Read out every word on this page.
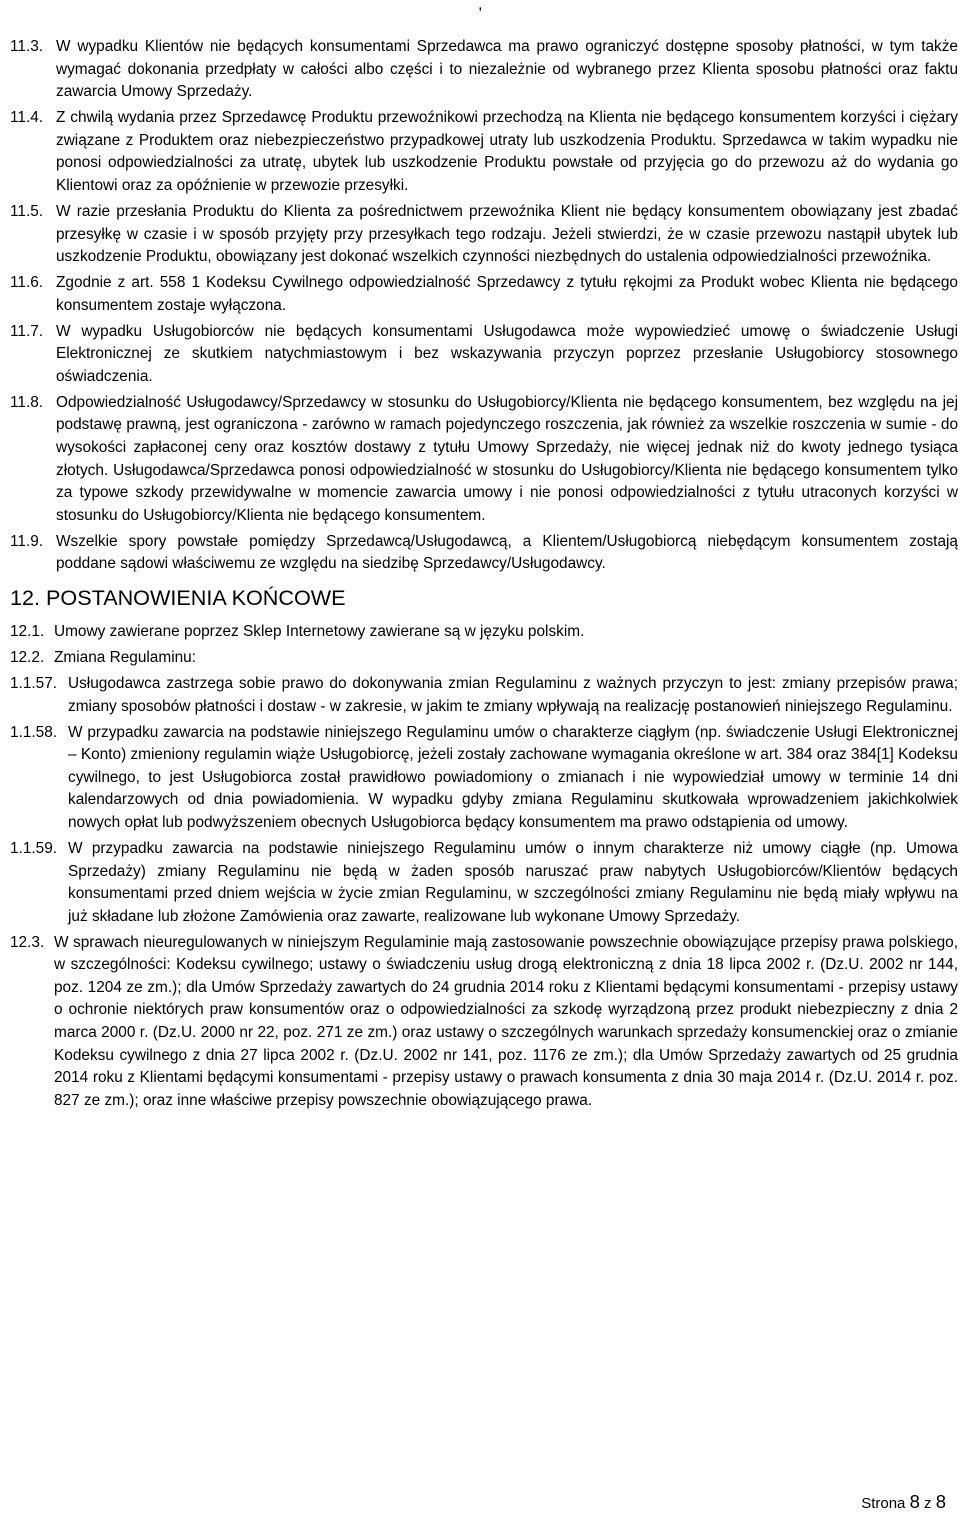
,
11.3. W wypadku Klientów nie będących konsumentami Sprzedawca ma prawo ograniczyć dostępne sposoby płatności, w tym także wymagać dokonania przedpłaty w całości albo części i to niezależnie od wybranego przez Klienta sposobu płatności oraz faktu zawarcia Umowy Sprzedaży.
11.4. Z chwilą wydania przez Sprzedawcę Produktu przewoźnikowi przechodzą na Klienta nie będącego konsumentem korzyści i ciężary związane z Produktem oraz niebezpieczeństwo przypadkowej utraty lub uszkodzenia Produktu. Sprzedawca w takim wypadku nie ponosi odpowiedzialności za utratę, ubytek lub uszkodzenie Produktu powstałe od przyjęcia go do przewozu aż do wydania go Klientowi oraz za opóźnienie w przewozie przesyłki.
11.5. W razie przesłania Produktu do Klienta za pośrednictwem przewoźnika Klient nie będący konsumentem obowiązany jest zbadać przesyłkę w czasie i w sposób przyjęty przy przesyłkach tego rodzaju. Jeżeli stwierdzi, że w czasie przewozu nastąpił ubytek lub uszkodzenie Produktu, obowiązany jest dokonać wszelkich czynności niezbędnych do ustalenia odpowiedzialności przewoźnika.
11.6. Zgodnie z art. 558 1 Kodeksu Cywilnego odpowiedzialność Sprzedawcy z tytułu rękojmi za Produkt wobec Klienta nie będącego konsumentem zostaje wyłączona.
11.7. W wypadku Usługobiorców nie będących konsumentami Usługodawca może wypowiedzieć umowę o świadczenie Usługi Elektronicznej ze skutkiem natychmiastowym i bez wskazywania przyczyn poprzez przesłanie Usługobiorcy stosownego oświadczenia.
11.8. Odpowiedzialność Usługodawcy/Sprzedawcy w stosunku do Usługobiorcy/Klienta nie będącego konsumentem, bez względu na jej podstawę prawną, jest ograniczona - zarówno w ramach pojedynczego roszczenia, jak również za wszelkie roszczenia w sumie - do wysokości zapłaconej ceny oraz kosztów dostawy z tytułu Umowy Sprzedaży, nie więcej jednak niż do kwoty jednego tysiąca złotych. Usługodawca/Sprzedawca ponosi odpowiedzialność w stosunku do Usługobiorcy/Klienta nie będącego konsumentem tylko za typowe szkody przewidywalne w momencie zawarcia umowy i nie ponosi odpowiedzialności z tytułu utraconych korzyści w stosunku do Usługobiorcy/Klienta nie będącego konsumentem.
11.9. Wszelkie spory powstałe pomiędzy Sprzedawcą/Usługodawcą, a Klientem/Usługobiorcą niebędącym konsumentem zostają poddane sądowi właściwemu ze względu na siedzibę Sprzedawcy/Usługodawcy.
12. POSTANOWIENIA KOŃCOWE
12.1. Umowy zawierane poprzez Sklep Internetowy zawierane są w języku polskim.
12.2. Zmiana Regulaminu:
1.1.57. Usługodawca zastrzega sobie prawo do dokonywania zmian Regulaminu z ważnych przyczyn to jest: zmiany przepisów prawa; zmiany sposobów płatności i dostaw - w zakresie, w jakim te zmiany wpływają na realizację postanowień niniejszego Regulaminu.
1.1.58. W przypadku zawarcia na podstawie niniejszego Regulaminu umów o charakterze ciągłym (np. świadczenie Usługi Elektronicznej – Konto) zmieniony regulamin wiąże Usługobiorcę, jeżeli zostały zachowane wymagania określone w art. 384 oraz 384[1] Kodeksu cywilnego, to jest Usługobiorca został prawidłowo powiadomiony o zmianach i nie wypowiedział umowy w terminie 14 dni kalendarzowych od dnia powiadomienia. W wypadku gdyby zmiana Regulaminu skutkowała wprowadzeniem jakichkolwiek nowych opłat lub podwyższeniem obecnych Usługobiorca będący konsumentem ma prawo odstąpienia od umowy.
1.1.59. W przypadku zawarcia na podstawie niniejszego Regulaminu umów o innym charakterze niż umowy ciągłe (np. Umowa Sprzedaży) zmiany Regulaminu nie będą w żaden sposób naruszać praw nabytych Usługobiorców/Klientów będących konsumentami przed dniem wejścia w życie zmian Regulaminu, w szczególności zmiany Regulaminu nie będą miały wpływu na już składane lub złożone Zamówienia oraz zawarte, realizowane lub wykonane Umowy Sprzedaży.
12.3. W sprawach nieuregulowanych w niniejszym Regulaminie mają zastosowanie powszechnie obowiązujące przepisy prawa polskiego, w szczególności: Kodeksu cywilnego; ustawy o świadczeniu usług drogą elektroniczną z dnia 18 lipca 2002 r. (Dz.U. 2002 nr 144, poz. 1204 ze zm.); dla Umów Sprzedaży zawartych do 24 grudnia 2014 roku z Klientami będącymi konsumentami - przepisy ustawy o ochronie niektórych praw konsumentów oraz o odpowiedzialności za szkodę wyrządzoną przez produkt niebezpieczny z dnia 2 marca 2000 r. (Dz.U. 2000 nr 22, poz. 271 ze zm.) oraz ustawy o szczególnych warunkach sprzedaży konsumenckiej oraz o zmianie Kodeksu cywilnego z dnia 27 lipca 2002 r. (Dz.U. 2002 nr 141, poz. 1176 ze zm.); dla Umów Sprzedaży zawartych od 25 grudnia 2014 roku z Klientami będącymi konsumentami - przepisy ustawy o prawach konsumenta z dnia 30 maja 2014 r. (Dz.U. 2014 r. poz. 827 ze zm.); oraz inne właściwe przepisy powszechnie obowiązującego prawa.
Strona 8 z 8
